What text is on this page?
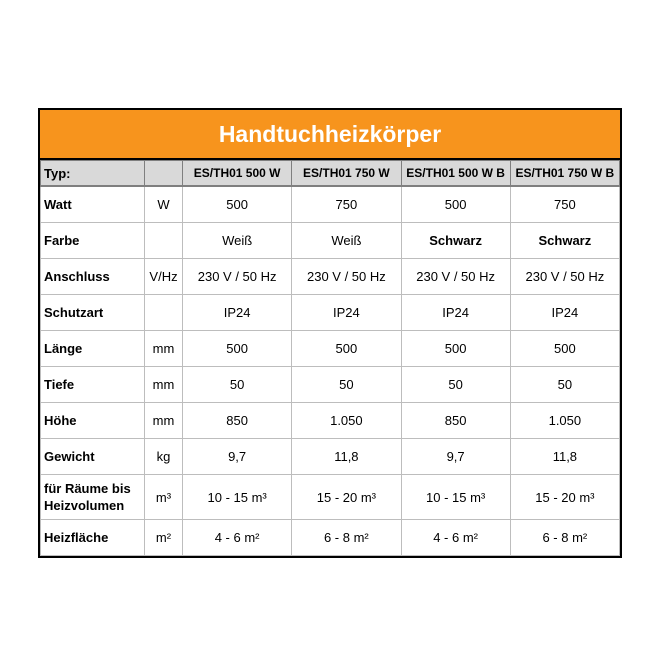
Handtuchheizkörper
Typ:		ES/TH01 500 W	ES/TH01 750 W	ES/TH01 500 W B	ES/TH01 750 W B
Watt	W	500	750	500	750
Farbe		Weiß	Weiß	Schwarz	Schwarz
Anschluss	V/Hz	230 V / 50 Hz	230 V / 50 Hz	230 V / 50 Hz	230 V / 50 Hz
Schutzart		IP24	IP24	IP24	IP24
Länge	mm	500	500	500	500
Tiefe	mm	50	50	50	50
Höhe	mm	850	1.050	850	1.050
Gewicht	kg	9,7	11,8	9,7	11,8
für Räume bis Heizvolumen	m³	10 - 15 m³	15 - 20 m³	10 - 15 m³	15 - 20 m³
Heizfläche	m²	4 - 6 m²	6 - 8 m²	4 - 6 m²	6 - 8 m²
